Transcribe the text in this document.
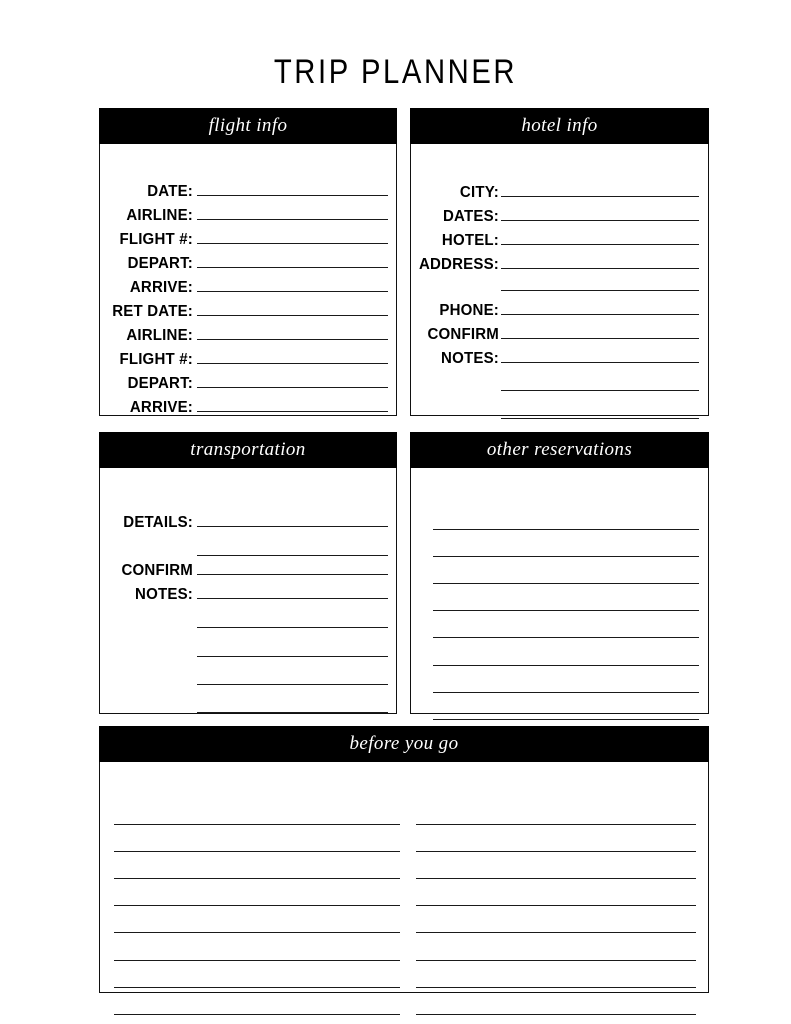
TRIP PLANNER
flight info
DATE:
AIRLINE:
FLIGHT #:
DEPART:
ARRIVE:
RET DATE:
AIRLINE:
FLIGHT #:
DEPART:
ARRIVE:
hotel info
CITY:
DATES:
HOTEL:
ADDRESS:
PHONE:
CONFIRM
NOTES:
transportation
DETAILS:
CONFIRM
NOTES:
other reservations
before you go
